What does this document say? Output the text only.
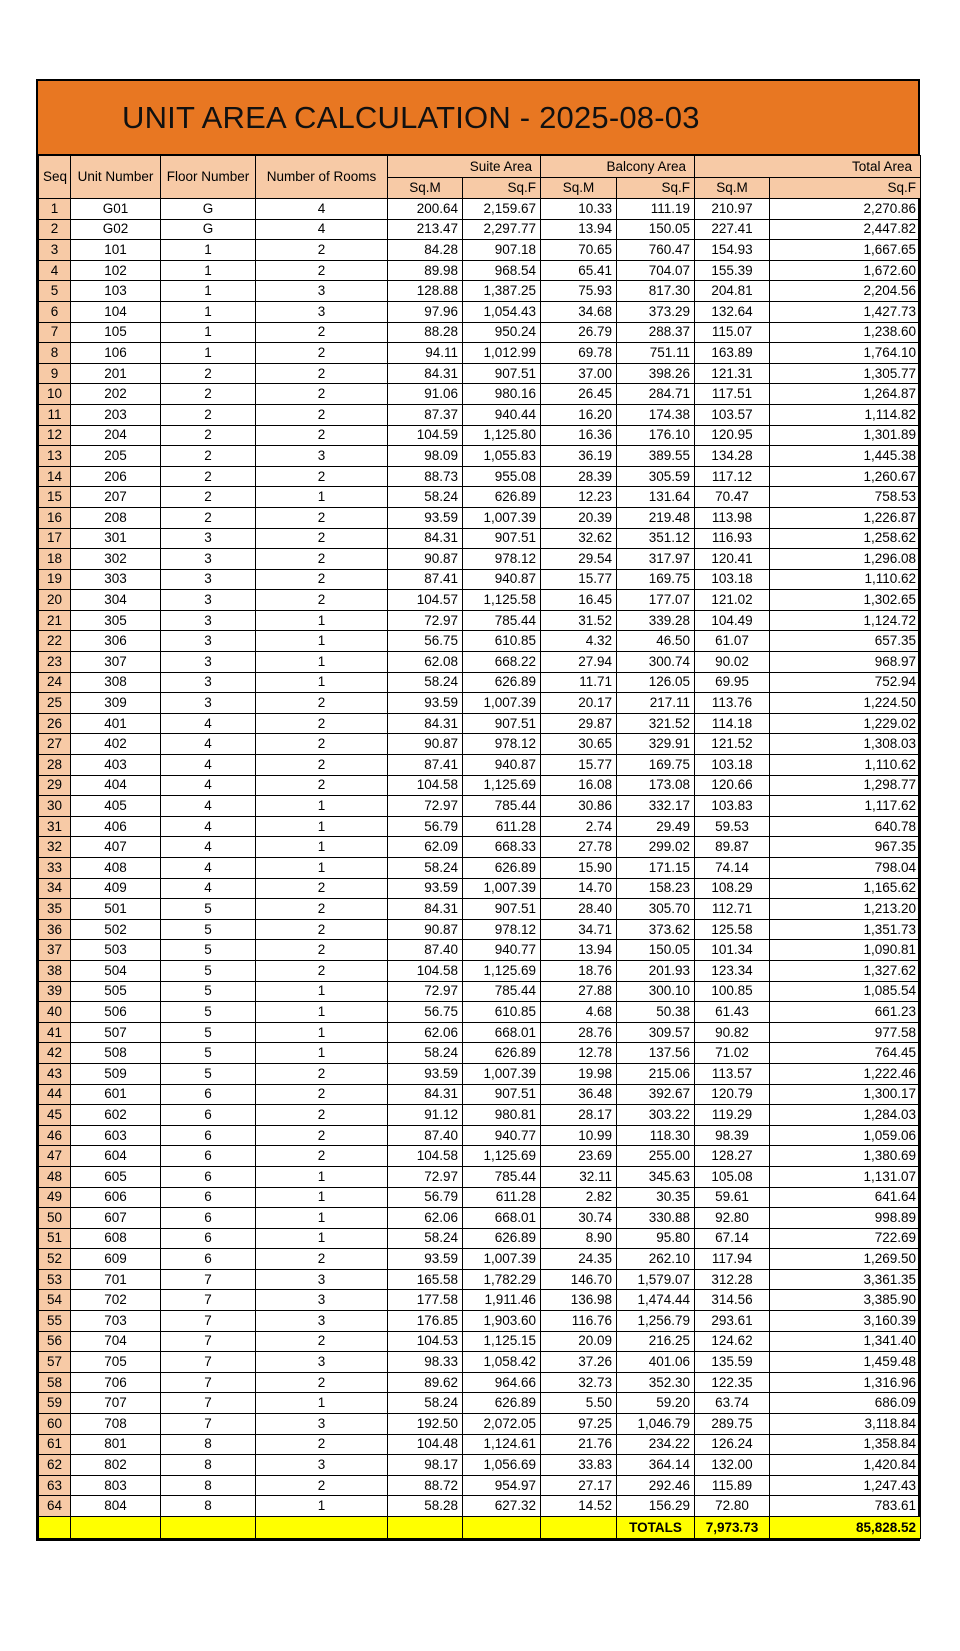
UNIT AREA CALCULATION - 2025-08-03
Seq	Unit Number	Floor Number	Number of Rooms	Suite Area		Balcony Area		Total Area	
				Sq.M	Sq.F	Sq.M	Sq.F	Sq.M	Sq.F
1	G01	G	4	200.64	2,159.67	10.33	111.19	210.97	2,270.86
2	G02	G	4	213.47	2,297.77	13.94	150.05	227.41	2,447.82
3	101	1	2	84.28	907.18	70.65	760.47	154.93	1,667.65
4	102	1	2	89.98	968.54	65.41	704.07	155.39	1,672.60
5	103	1	3	128.88	1,387.25	75.93	817.30	204.81	2,204.56
6	104	1	3	97.96	1,054.43	34.68	373.29	132.64	1,427.73
7	105	1	2	88.28	950.24	26.79	288.37	115.07	1,238.60
8	106	1	2	94.11	1,012.99	69.78	751.11	163.89	1,764.10
9	201	2	2	84.31	907.51	37.00	398.26	121.31	1,305.77
10	202	2	2	91.06	980.16	26.45	284.71	117.51	1,264.87
11	203	2	2	87.37	940.44	16.20	174.38	103.57	1,114.82
12	204	2	2	104.59	1,125.80	16.36	176.10	120.95	1,301.89
13	205	2	3	98.09	1,055.83	36.19	389.55	134.28	1,445.38
14	206	2	2	88.73	955.08	28.39	305.59	117.12	1,260.67
15	207	2	1	58.24	626.89	12.23	131.64	70.47	758.53
16	208	2	2	93.59	1,007.39	20.39	219.48	113.98	1,226.87
17	301	3	2	84.31	907.51	32.62	351.12	116.93	1,258.62
18	302	3	2	90.87	978.12	29.54	317.97	120.41	1,296.08
19	303	3	2	87.41	940.87	15.77	169.75	103.18	1,110.62
20	304	3	2	104.57	1,125.58	16.45	177.07	121.02	1,302.65
21	305	3	1	72.97	785.44	31.52	339.28	104.49	1,124.72
22	306	3	1	56.75	610.85	4.32	46.50	61.07	657.35
23	307	3	1	62.08	668.22	27.94	300.74	90.02	968.97
24	308	3	1	58.24	626.89	11.71	126.05	69.95	752.94
25	309	3	2	93.59	1,007.39	20.17	217.11	113.76	1,224.50
26	401	4	2	84.31	907.51	29.87	321.52	114.18	1,229.02
27	402	4	2	90.87	978.12	30.65	329.91	121.52	1,308.03
28	403	4	2	87.41	940.87	15.77	169.75	103.18	1,110.62
29	404	4	2	104.58	1,125.69	16.08	173.08	120.66	1,298.77
30	405	4	1	72.97	785.44	30.86	332.17	103.83	1,117.62
31	406	4	1	56.79	611.28	2.74	29.49	59.53	640.78
32	407	4	1	62.09	668.33	27.78	299.02	89.87	967.35
33	408	4	1	58.24	626.89	15.90	171.15	74.14	798.04
34	409	4	2	93.59	1,007.39	14.70	158.23	108.29	1,165.62
35	501	5	2	84.31	907.51	28.40	305.70	112.71	1,213.20
36	502	5	2	90.87	978.12	34.71	373.62	125.58	1,351.73
37	503	5	2	87.40	940.77	13.94	150.05	101.34	1,090.81
38	504	5	2	104.58	1,125.69	18.76	201.93	123.34	1,327.62
39	505	5	1	72.97	785.44	27.88	300.10	100.85	1,085.54
40	506	5	1	56.75	610.85	4.68	50.38	61.43	661.23
41	507	5	1	62.06	668.01	28.76	309.57	90.82	977.58
42	508	5	1	58.24	626.89	12.78	137.56	71.02	764.45
43	509	5	2	93.59	1,007.39	19.98	215.06	113.57	1,222.46
44	601	6	2	84.31	907.51	36.48	392.67	120.79	1,300.17
45	602	6	2	91.12	980.81	28.17	303.22	119.29	1,284.03
46	603	6	2	87.40	940.77	10.99	118.30	98.39	1,059.06
47	604	6	2	104.58	1,125.69	23.69	255.00	128.27	1,380.69
48	605	6	1	72.97	785.44	32.11	345.63	105.08	1,131.07
49	606	6	1	56.79	611.28	2.82	30.35	59.61	641.64
50	607	6	1	62.06	668.01	30.74	330.88	92.80	998.89
51	608	6	1	58.24	626.89	8.90	95.80	67.14	722.69
52	609	6	2	93.59	1,007.39	24.35	262.10	117.94	1,269.50
53	701	7	3	165.58	1,782.29	146.70	1,579.07	312.28	3,361.35
54	702	7	3	177.58	1,911.46	136.98	1,474.44	314.56	3,385.90
55	703	7	3	176.85	1,903.60	116.76	1,256.79	293.61	3,160.39
56	704	7	2	104.53	1,125.15	20.09	216.25	124.62	1,341.40
57	705	7	3	98.33	1,058.42	37.26	401.06	135.59	1,459.48
58	706	7	2	89.62	964.66	32.73	352.30	122.35	1,316.96
59	707	7	1	58.24	626.89	5.50	59.20	63.74	686.09
60	708	7	3	192.50	2,072.05	97.25	1,046.79	289.75	3,118.84
61	801	8	2	104.48	1,124.61	21.76	234.22	126.24	1,358.84
62	802	8	3	98.17	1,056.69	33.83	364.14	132.00	1,420.84
63	803	8	2	88.72	954.97	27.17	292.46	115.89	1,247.43
64	804	8	1	58.28	627.32	14.52	156.29	72.80	783.61
							TOTALS	7,973.73	85,828.52
